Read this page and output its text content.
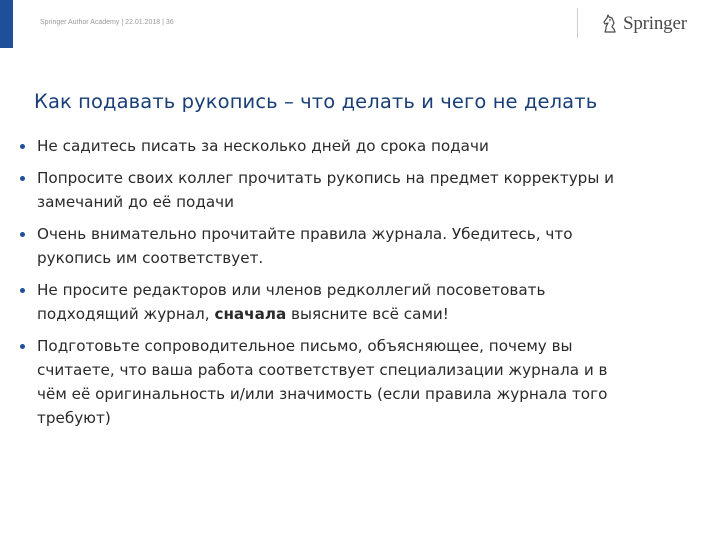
Springer Author Academy | 22.01.2018 | 36	Springer
Как подавать рукопись – что делать и чего не делать
Не садитесь писать за несколько дней до срока подачи
Попросите своих коллег прочитать рукопись на предмет корректуры и
замечаний до её подачи
Очень внимательно прочитайте правила журнала. Убедитесь, что
рукопись им соответствует.
Не просите редакторов или членов редколлегий посоветовать
подходящий журнал, сначала выясните всё сами!
Подготовьте сопроводительное письмо, объясняющее, почему вы
считаете, что ваша работа соответствует специализации журнала и в
чём её оригинальность и/или значимость (если правила журнала того
требуют)
